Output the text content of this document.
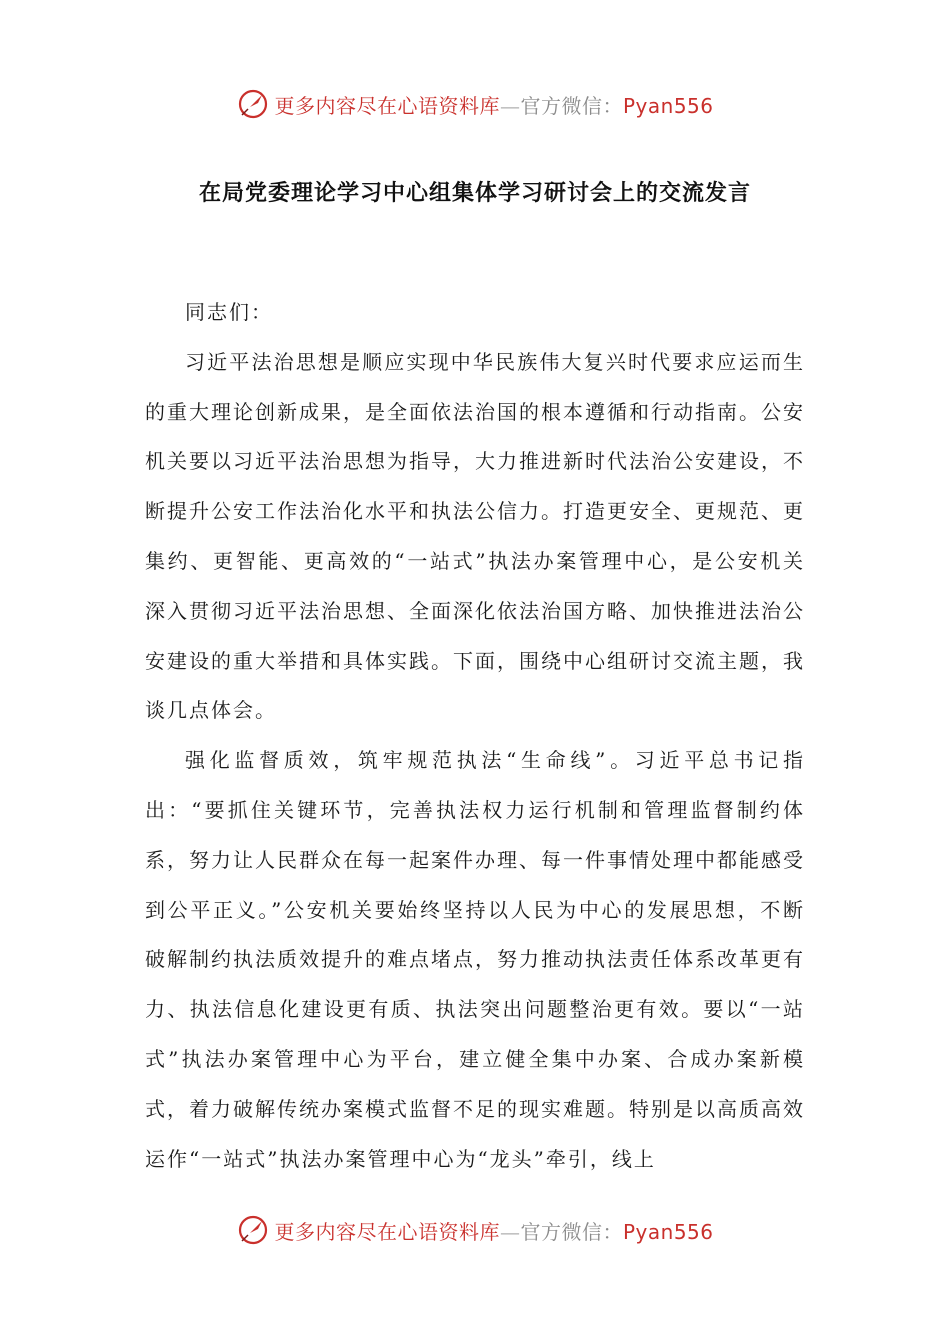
更多内容尽在心语资料库—官方微信：Pyan556
在局党委理论学习中心组集体学习研讨会上的交流发言

同志们：

习近平法治思想是顺应实现中华民族伟大复兴时代要求应运而生的重大理论创新成果，是全面依法治国的根本遵循和行动指南。公安机关要以习近平法治思想为指导，大力推进新时代法治公安建设，不断提升公安工作法治化水平和执法公信力。打造更安全、更规范、更集约、更智能、更高效的“一站式”执法办案管理中心，是公安机关深入贯彻习近平法治思想、全面深化依法治国方略、加快推进法治公安建设的重大举措和具体实践。下面，围绕中心组研讨交流主题，我谈几点体会。

强化监督质效，筑牢规范执法“生命线”。习近平总书记指出：“要抓住关键环节，完善执法权力运行机制和管理监督制约体系，努力让人民群众在每一起案件办理、每一件事情处理中都能感受到公平正义。”公安机关要始终坚持以人民为中心的发展思想，不断破解制约执法质效提升的难点堵点，努力推动执法责任体系改革更有力、执法信息化建设更有质、执法突出问题整治更有效。要以“一站式”执法办案管理中心为平台，建立健全集中办案、合成办案新模式，着力破解传统办案模式监督不足的现实难题。特别是以高质高效运作“一站式”执法办案管理中心为“龙头”牵引，线上

更多内容尽在心语资料库—官方微信：Pyan556
